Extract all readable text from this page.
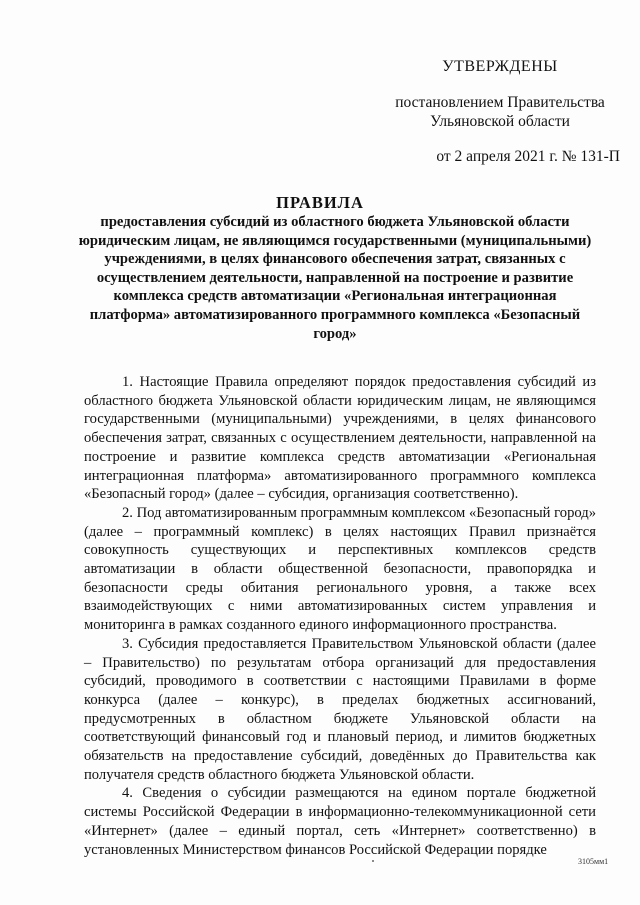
УТВЕРЖДЕНЫ
постановлением Правительства
Ульяновской области
от 2 апреля 2021 г. № 131-П
ПРАВИЛА
предоставления субсидий из областного бюджета Ульяновской области юридическим лицам, не являющимся государственными (муниципальными) учреждениями, в целях финансового обеспечения затрат, связанных с осуществлением деятельности, направленной на построение и развитие комплекса средств автоматизации «Региональная интеграционная платформа» автоматизированного программного комплекса «Безопасный город»

1. Настоящие Правила определяют порядок предоставления субсидий из областного бюджета Ульяновской области юридическим лицам, не являющимся государственными (муниципальными) учреждениями, в целях финансового обеспечения затрат, связанных с осуществлением деятельности, направленной на построение и развитие комплекса средств автоматизации «Региональная интеграционная платформа» автоматизированного программного комплекса «Безопасный город» (далее – субсидия, организация соответственно).

2. Под автоматизированным программным комплексом «Безопасный город» (далее – программный комплекс) в целях настоящих Правил признаётся совокупность существующих и перспективных комплексов средств автоматизации в области общественной безопасности, правопорядка и безопасности среды обитания регионального уровня, а также всех взаимодействующих с ними автоматизированных систем управления и мониторинга в рамках созданного единого информационного пространства.

3. Субсидия предоставляется Правительством Ульяновской области (далее – Правительство) по результатам отбора организаций для предоставления субсидий, проводимого в соответствии с настоящими Правилами в форме конкурса (далее – конкурс), в пределах бюджетных ассигнований, предусмотренных в областном бюджете Ульяновской области на соответствующий финансовый год и плановый период, и лимитов бюджетных обязательств на предоставление субсидий, доведённых до Правительства как получателя средств областного бюджета Ульяновской области.

4. Сведения о субсидии размещаются на едином портале бюджетной системы Российской Федерации в информационно-телекоммуникационной сети «Интернет» (далее – единый портал, сеть «Интернет» соответственно) в установленных Министерством финансов Российской Федерации порядке

3105мм1
